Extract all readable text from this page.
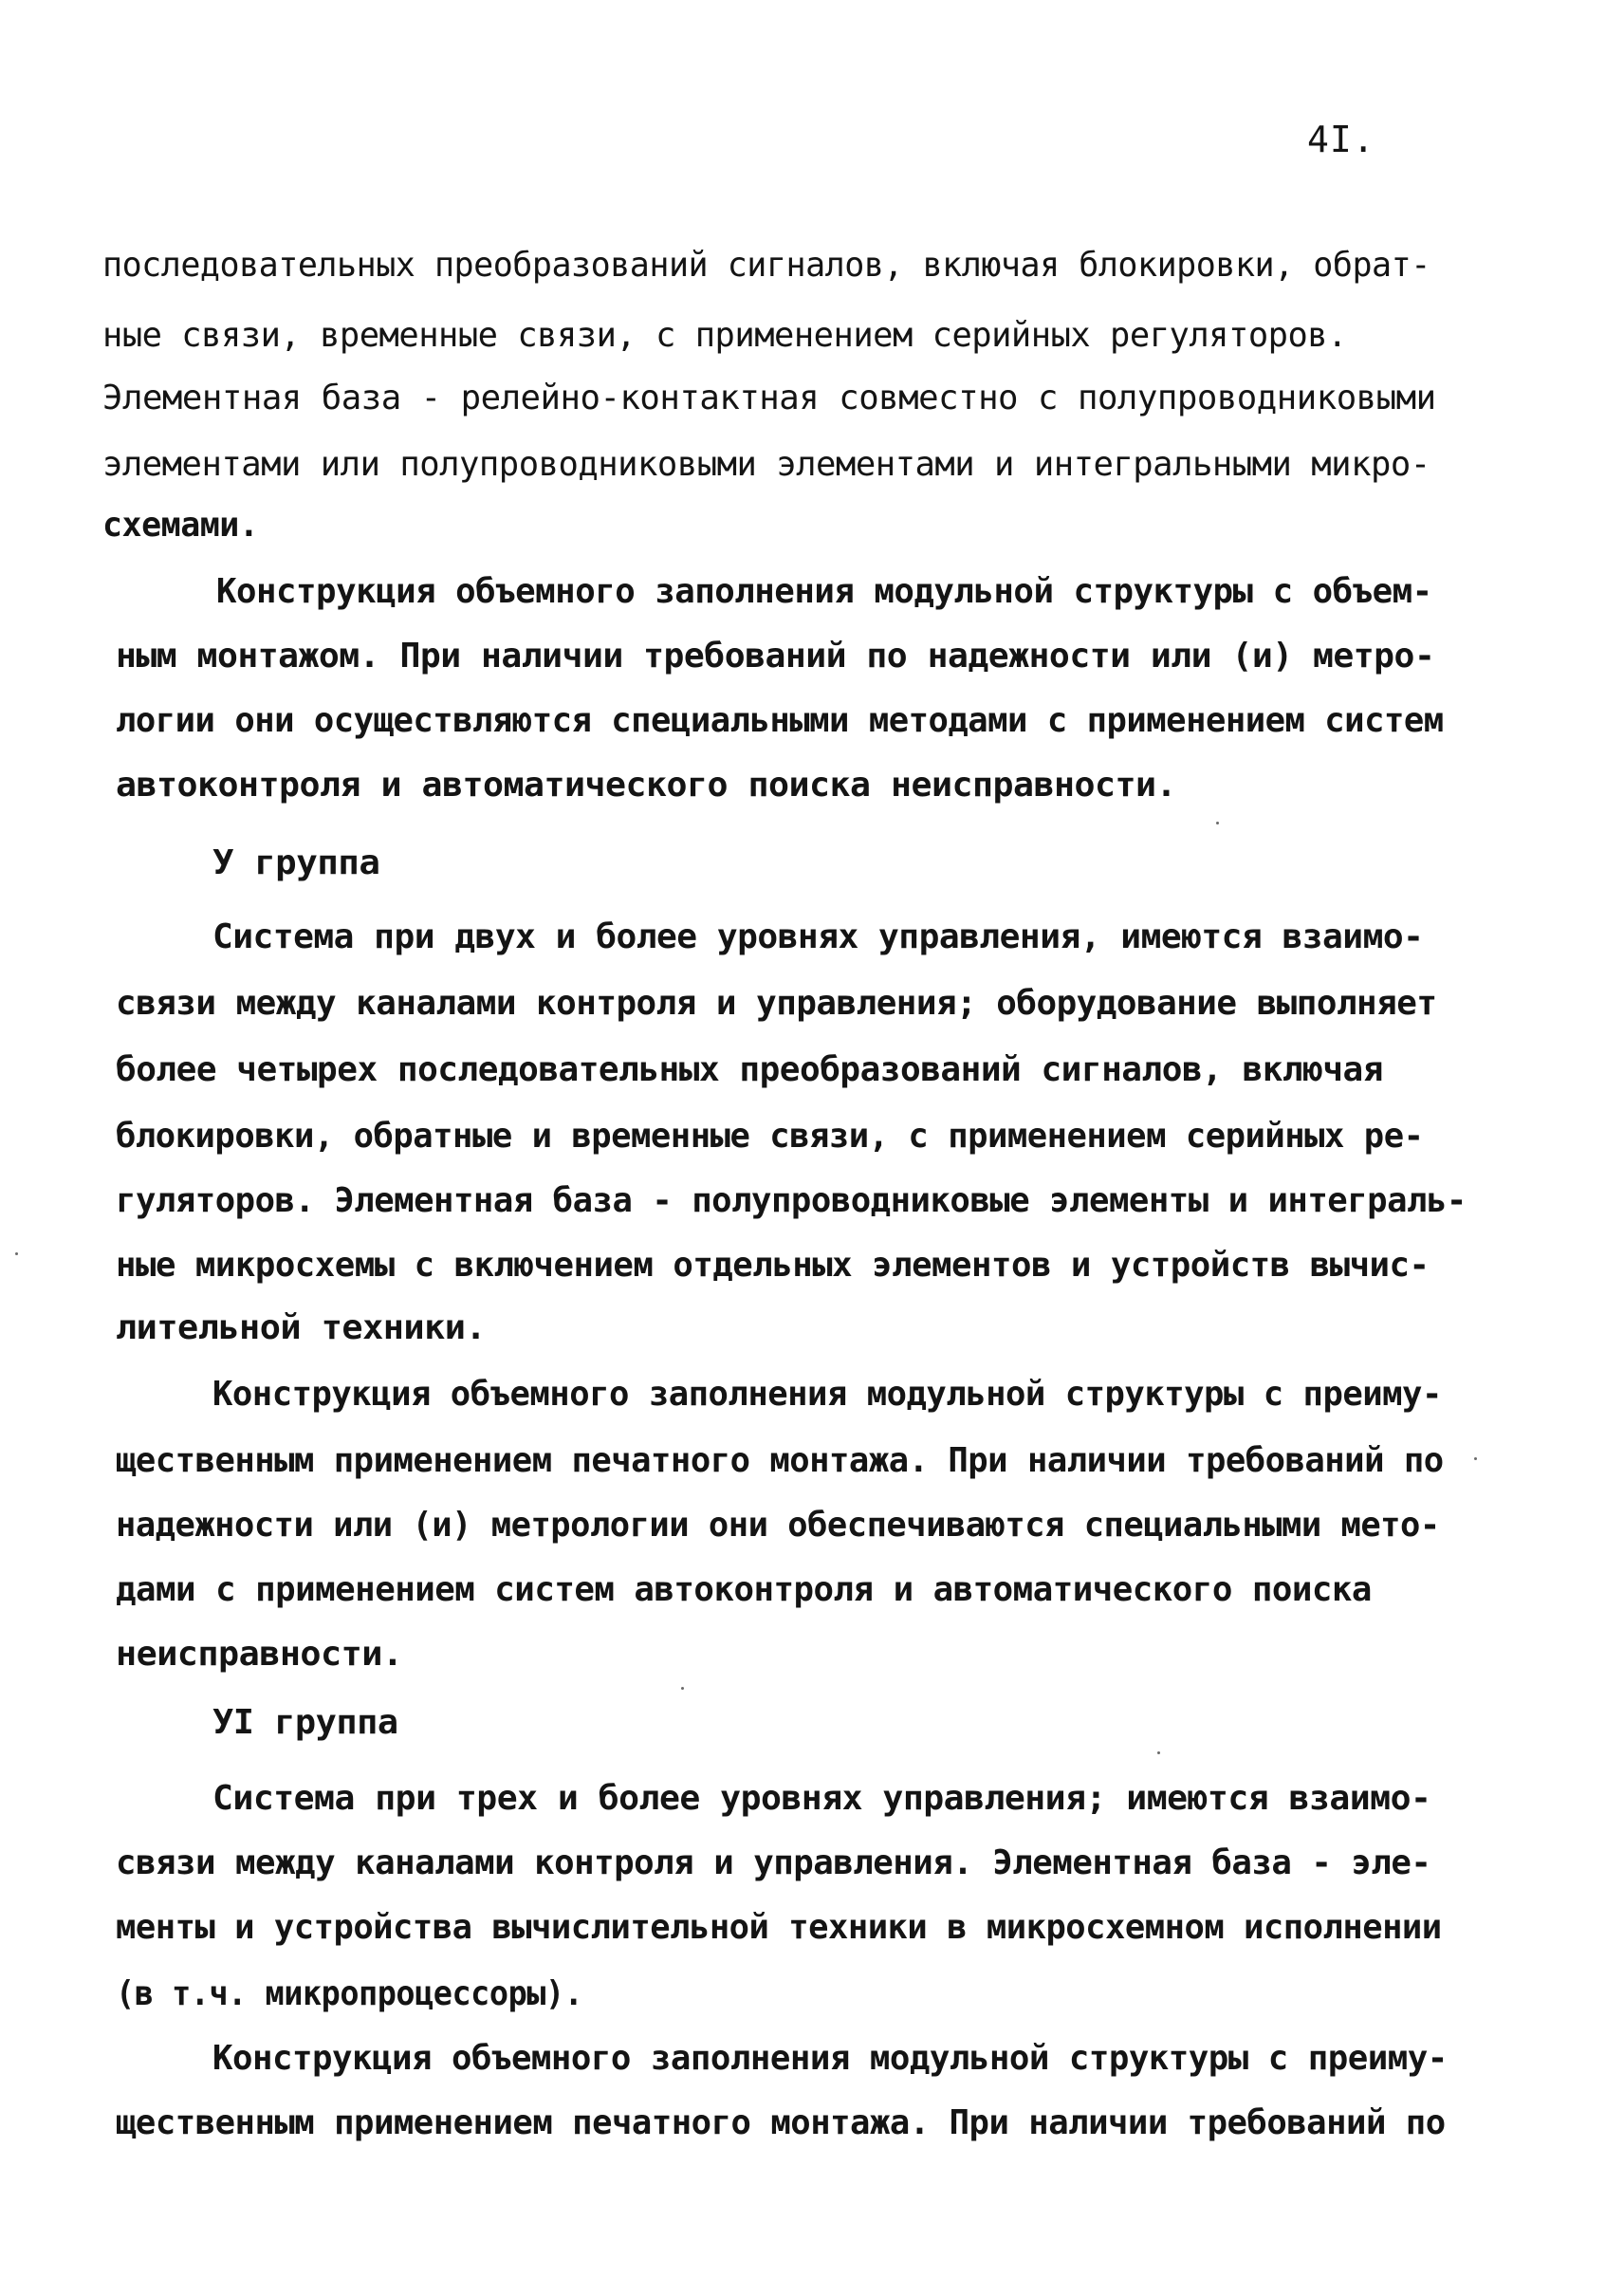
4I.
последовательных преобразований сигналов, включая блокировки, обрат-
ные связи, временные связи, с применением серийных регуляторов.
Элементная база - релейно-контактная совместно с полупроводниковыми
элементами или полупроводниковыми элементами и интегральными микро-
схемами.
Конструкция объемного заполнения модульной структуры с объем-
ным монтажом. При наличии требований по надежности или (и) метро-
логии они осуществляются специальными методами с применением систем
автоконтроля и автоматического поиска неисправности.
У группа
Система при двух и более уровнях управления, имеются взаимо-
связи между каналами контроля и управления; оборудование выполняет
более четырех последовательных преобразований сигналов, включая
блокировки, обратные и временные связи, с применением серийных ре-
гуляторов. Элементная база - полупроводниковые элементы и интеграль-
ные микросхемы с включением отдельных элементов и устройств вычис-
лительной техники.
Конструкция объемного заполнения модульной структуры с преиму-
щественным применением печатного монтажа. При наличии требований по
надежности или (и) метрологии они обеспечиваются специальными мето-
дами с применением систем автоконтроля и автоматического поиска
неисправности.
УI группа
Система при трех и более уровнях управления; имеются взаимо-
связи между каналами контроля и управления. Элементная база - эле-
менты и устройства вычислительной техники в микросхемном исполнении
(в т.ч. микропроцессоры).
Конструкция объемного заполнения модульной структуры с преиму-
щественным применением печатного монтажа. При наличии требований по
